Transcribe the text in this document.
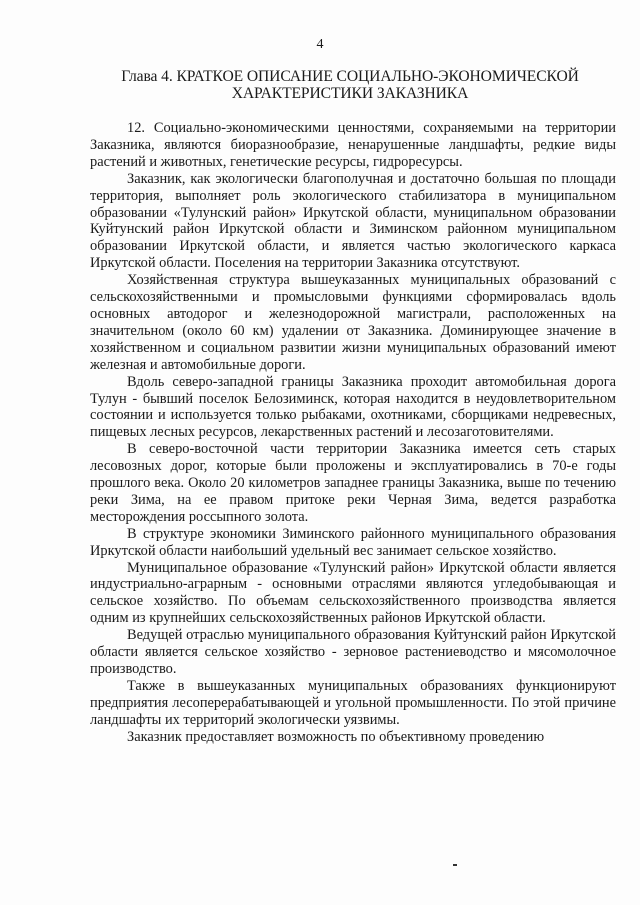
4
Глава 4. КРАТКОЕ ОПИСАНИЕ СОЦИАЛЬНО-ЭКОНОМИЧЕСКОЙ
ХАРАКТЕРИСТИКИ ЗАКАЗНИКА

12. Социально-экономическими ценностями, сохраняемыми на территории Заказника, являются биоразнообразие, ненарушенные ландшафты, редкие виды растений и животных, генетические ресурсы, гидроресурсы.

Заказник, как экологически благополучная и достаточно большая по площади территория, выполняет роль экологического стабилизатора в муниципальном образовании «Тулунский район» Иркутской области, муниципальном образовании Куйтунский район Иркутской области и Зиминском районном муниципальном образовании Иркутской области, и является частью экологического каркаса Иркутской области. Поселения на территории Заказника отсутствуют.

Хозяйственная структура вышеуказанных муниципальных образований с сельскохозяйственными и промысловыми функциями сформировалась вдоль основных автодорог и железнодорожной магистрали, расположенных на значительном (около 60 км) удалении от Заказника. Доминирующее значение в хозяйственном и социальном развитии жизни муниципальных образований имеют железная и автомобильные дороги.

Вдоль северо-западной границы Заказника проходит автомобильная дорога Тулун - бывший поселок Белозиминск, которая находится в неудовлетворительном состоянии и используется только рыбаками, охотниками, сборщиками недревесных, пищевых лесных ресурсов, лекарственных растений и лесозаготовителями.

В северо-восточной части территории Заказника имеется сеть старых лесовозных дорог, которые были проложены и эксплуатировались в 70-е годы прошлого века. Около 20 километров западнее границы Заказника, выше по течению реки Зима, на ее правом притоке реки Черная Зима, ведется разработка месторождения россыпного золота.

В структуре экономики Зиминского районного муниципального образования Иркутской области наибольший удельный вес занимает сельское хозяйство.

Муниципальное образование «Тулунский район» Иркутской области является индустриально-аграрным - основными отраслями являются угледобывающая и сельское хозяйство. По объемам сельскохозяйственного производства является одним из крупнейших сельскохозяйственных районов Иркутской области.

Ведущей отраслью муниципального образования Куйтунский район Иркутской области является сельское хозяйство - зерновое растениеводство и мясомолочное производство.

Также в вышеуказанных муниципальных образованиях функционируют предприятия лесоперерабатывающей и угольной промышленности. По этой причине ландшафты их территорий экологически уязвимы.

Заказник предоставляет возможность по объективному проведению
